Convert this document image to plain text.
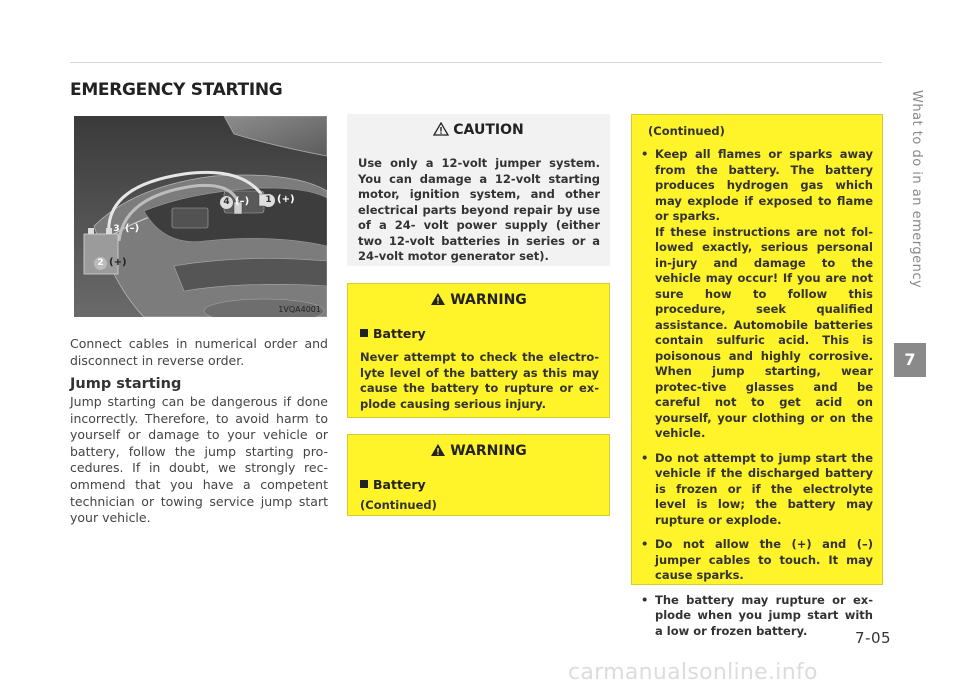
EMERGENCY STARTING
1 (+)
4 (–)
3 (–)
2 (+)
1VQA4001

Connect cables in numerical order and disconnect in reverse order.

Jump starting

Jump starting can be dangerous if done incorrectly. Therefore, to avoid harm to yourself or damage to your vehicle or battery, follow the jump starting pro-cedures. If in doubt, we strongly rec-ommend that you have a competent technician or towing service jump start your vehicle.

CAUTION

Use only a 12-volt jumper system. You can damage a 12-volt starting motor, ignition system, and other electrical parts beyond repair by use of a 24- volt power supply (either two 12-volt batteries in series or a 24-volt motor generator set).

WARNING
Battery

Never attempt to check the electro-lyte level of the battery as this may cause the battery to rupture or ex-plode causing serious injury.

WARNING
Battery

(Continued)

(Continued)
• Keep all flames or sparks away from the battery. The battery produces hydrogen gas which may explode if exposed to flame or sparks.
If these instructions are not fol-lowed exactly, serious personal in-jury and damage to the vehicle may occur! If you are not sure how to follow this procedure, seek qualified assistance. Automobile batteries contain sulfuric acid. This is poisonous and highly corrosive. When jump starting, wear protec-tive glasses and be careful not to get acid on yourself, your clothing or on the vehicle.
• Do not attempt to jump start the vehicle if the discharged battery is frozen or if the electrolyte level is low; the battery may rupture or explode.
• Do not allow the (+) and (–) jumper cables to touch. It may cause sparks.
• The battery may rupture or ex-plode when you jump start with a low or frozen battery.
What to do in an emergency
7
7-05
carmanualsonline.info
